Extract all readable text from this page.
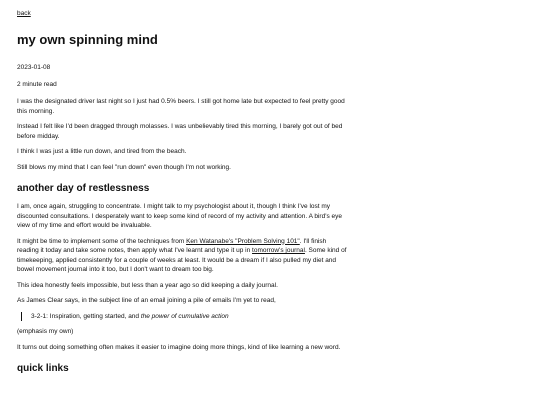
back
my own spinning mind
2023-01-08
2 minute read

I was the designated driver last night so I just had 0.5% beers. I still got home late but expected to feel pretty good this morning.

Instead I felt like I'd been dragged through molasses. I was unbelievably tired this morning, I barely got out of bed before midday.

I think I was just a little run down, and tired from the beach.

Still blows my mind that I can feel "run down" even though I'm not working.

another day of restlessness

I am, once again, struggling to concentrate. I might talk to my psychologist about it, though I think I've lost my discounted consultations. I desperately want to keep some kind of record of my activity and attention. A bird's eye view of my time and effort would be invaluable.

It might be time to implement some of the techniques from Ken Watanabe's "Problem Solving 101". I'll finish reading it today and take some notes, then apply what I've learnt and type it up in tomorrow's journal. Some kind of timekeeping, applied consistently for a couple of weeks at least. It would be a dream if I also pulled my diet and bowel movement journal into it too, but I don't want to dream too big.

This idea honestly feels impossible, but less than a year ago so did keeping a daily journal.

As James Clear says, in the subject line of an email joining a pile of emails I'm yet to read,

3-2-1: Inspiration, getting started, and the power of cumulative action

(emphasis my own)

It turns out doing something often makes it easier to imagine doing more things, kind of like learning a new word.

quick links
